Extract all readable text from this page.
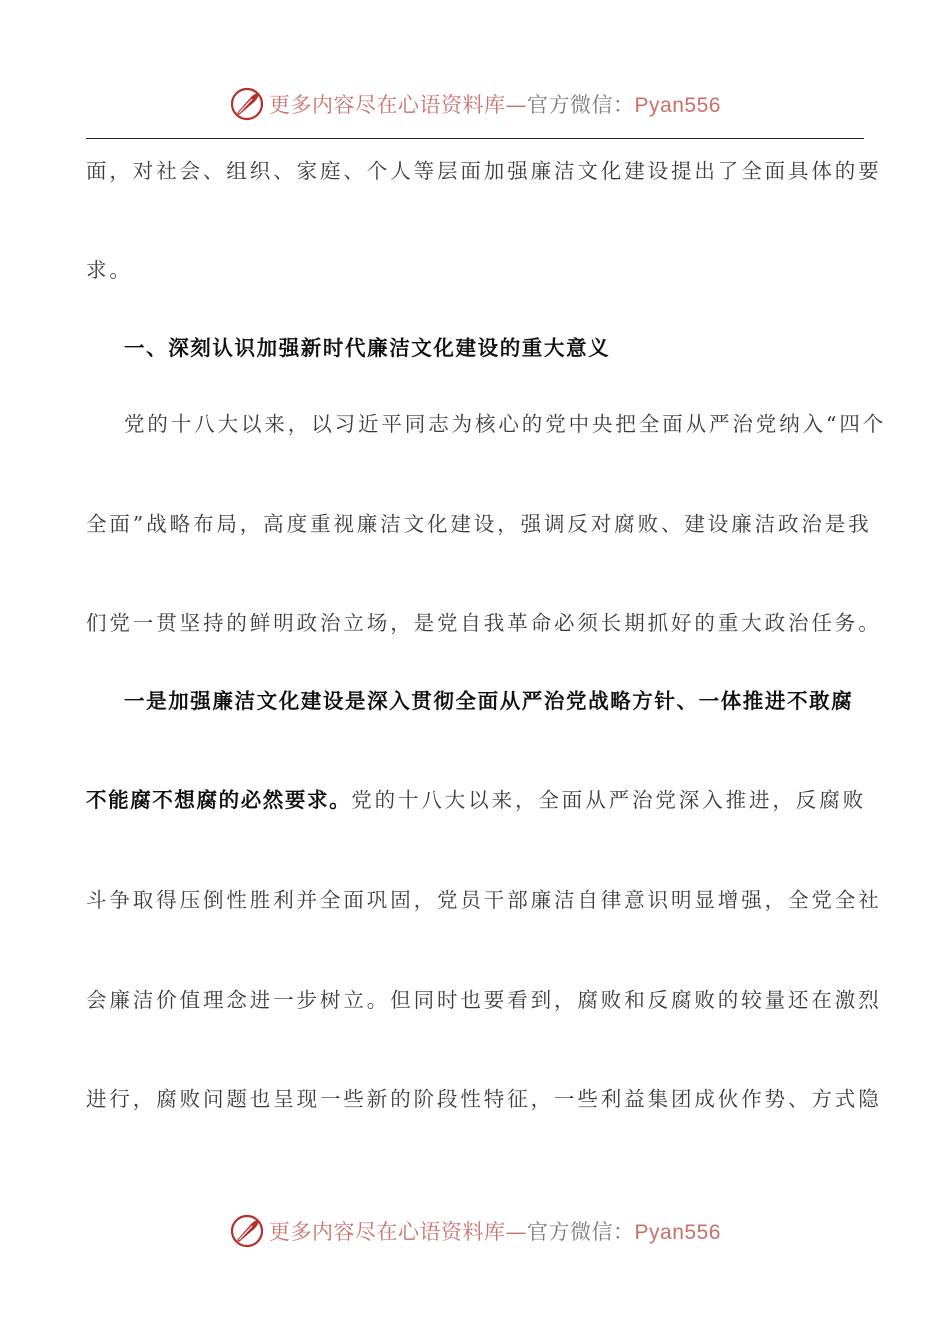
更多内容尽在心语资料库—官方微信：Pyan556
面，对社会、组织、家庭、个人等层面加强廉洁文化建设提出了全面具体的要
求。
一、深刻认识加强新时代廉洁文化建设的重大意义
党的十八大以来，以习近平同志为核心的党中央把全面从严治党纳入“四个
全面”战略布局，高度重视廉洁文化建设，强调反对腐败、建设廉洁政治是我
们党一贯坚持的鲜明政治立场，是党自我革命必须长期抓好的重大政治任务。
一是加强廉洁文化建设是深入贯彻全面从严治党战略方针、一体推进不敢腐
不能腐不想腐的必然要求。党的十八大以来，全面从严治党深入推进，反腐败
斗争取得压倒性胜利并全面巩固，党员干部廉洁自律意识明显增强，全党全社
会廉洁价值理念进一步树立。但同时也要看到，腐败和反腐败的较量还在激烈
进行，腐败问题也呈现一些新的阶段性特征，一些利益集团成伙作势、方式隐
更多内容尽在心语资料库—官方微信：Pyan556
